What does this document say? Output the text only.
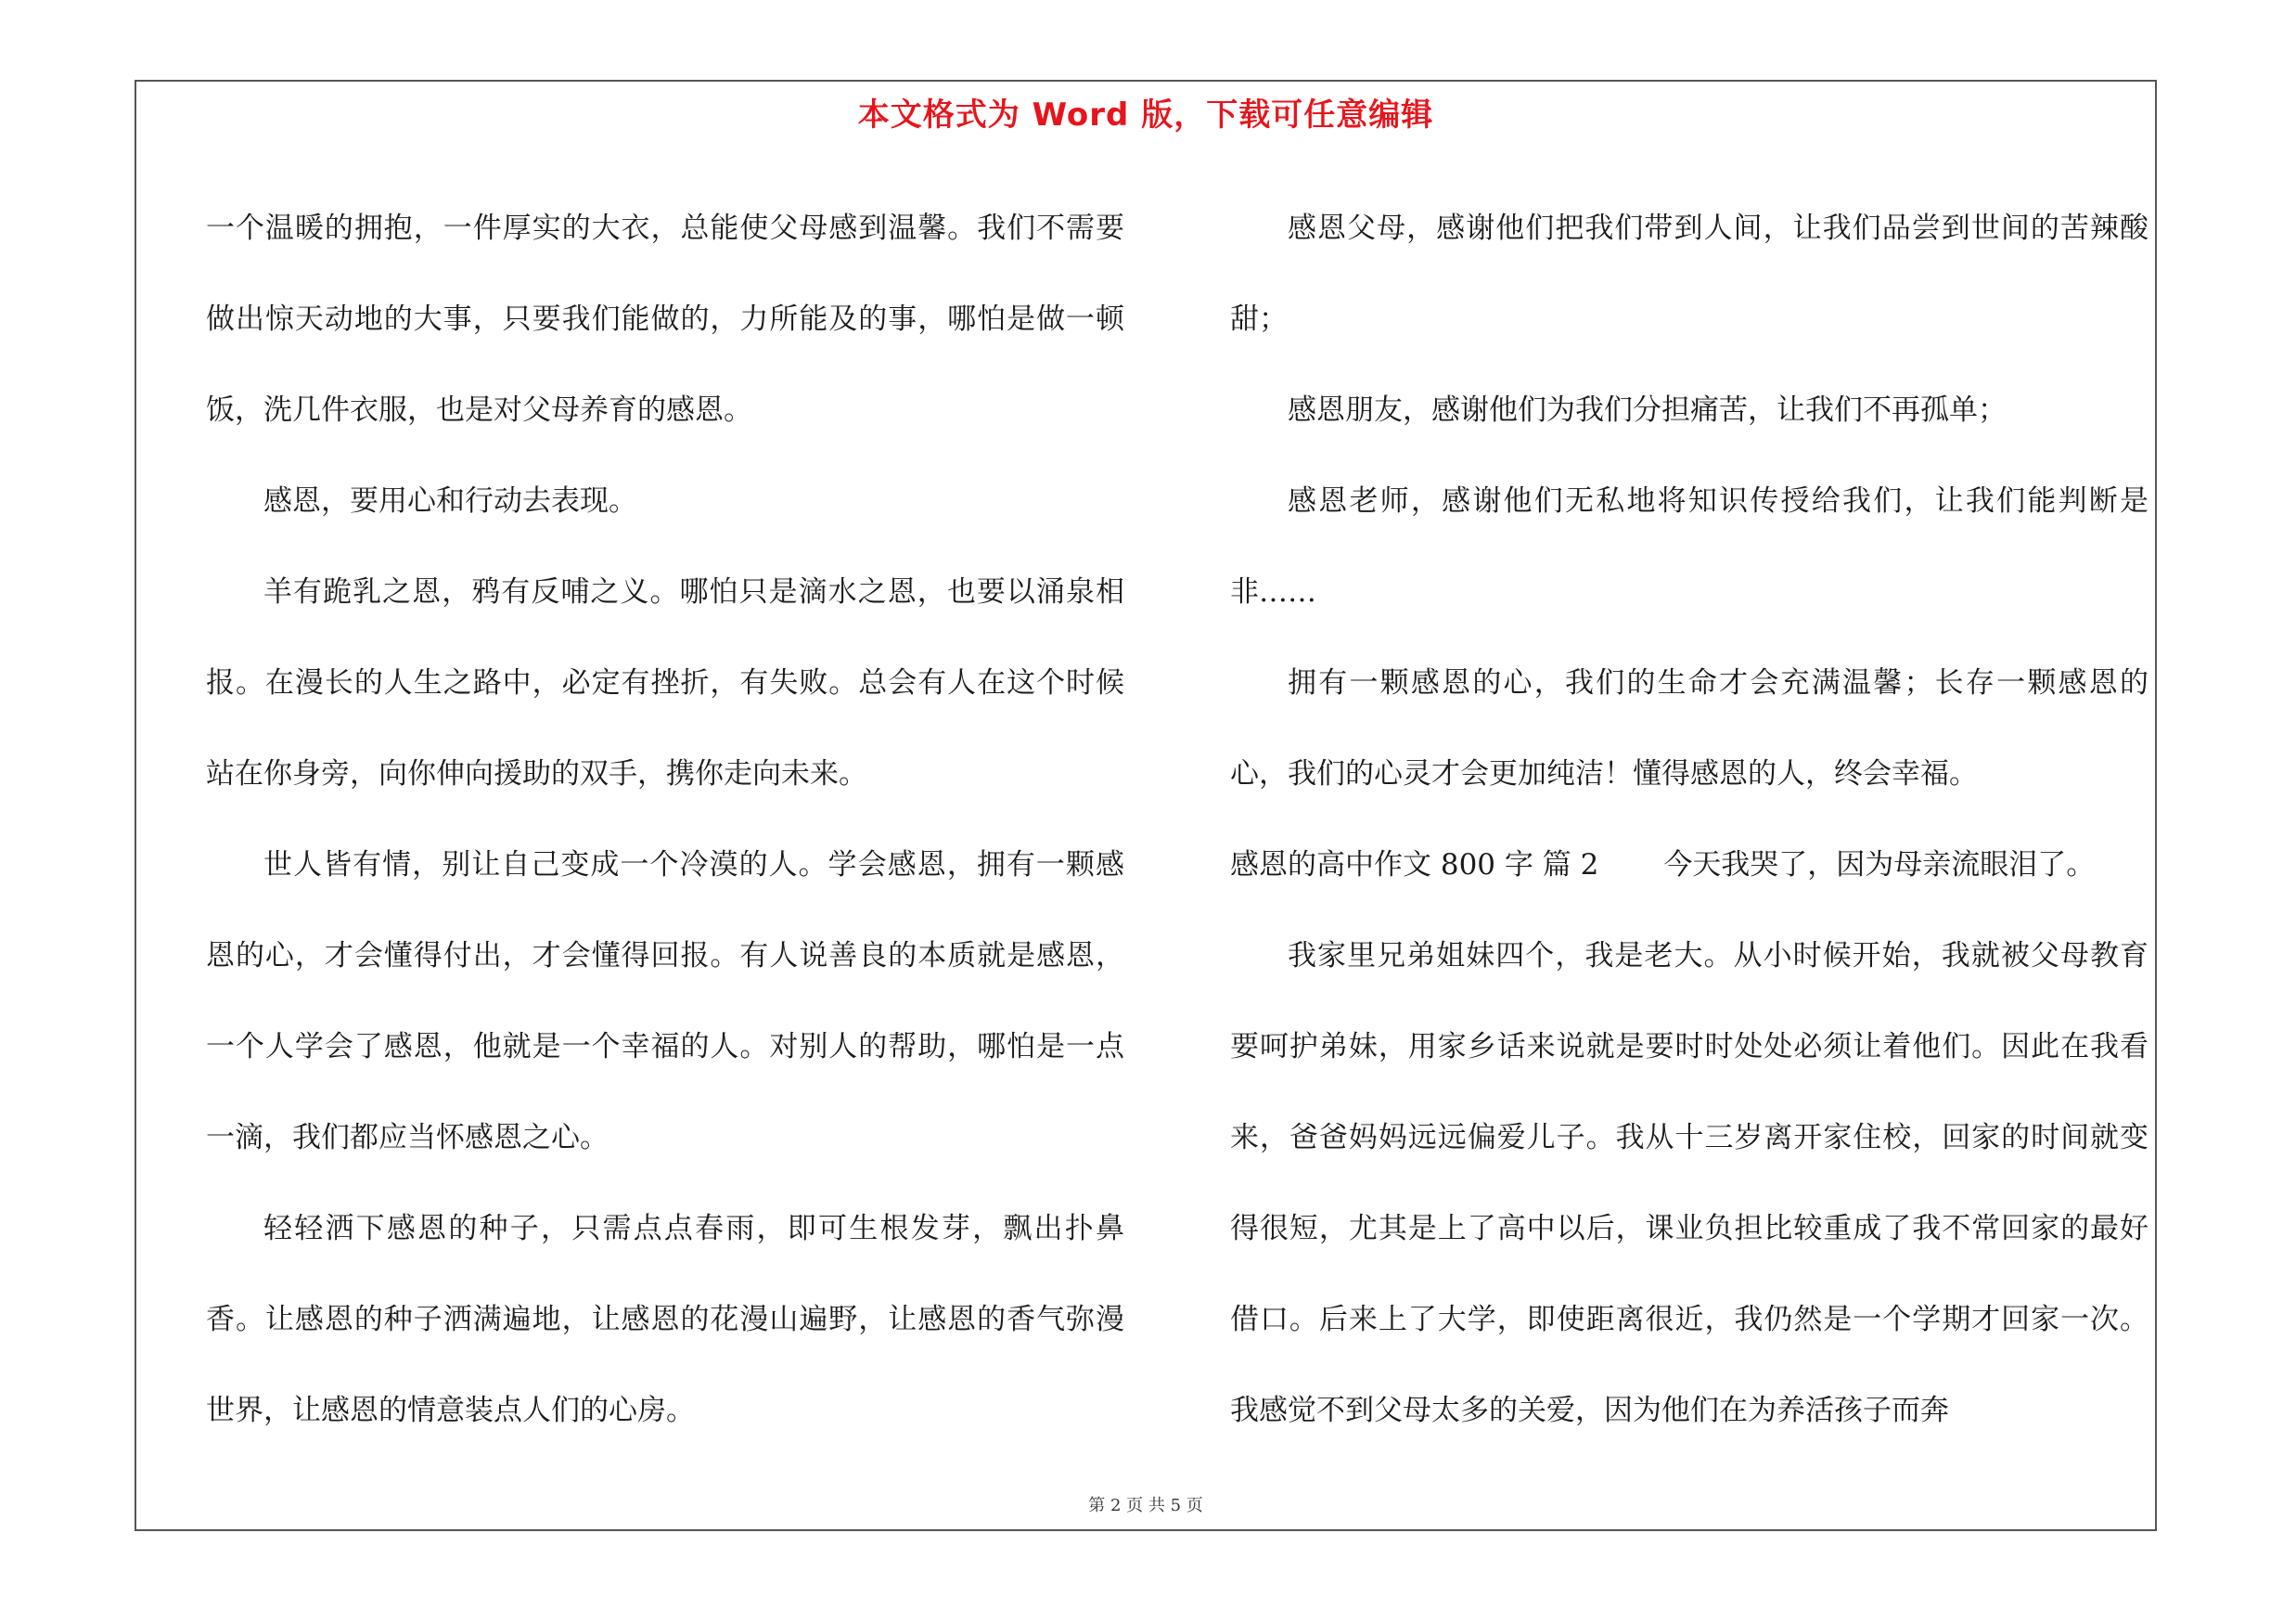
本文格式为 Word 版，下载可任意编辑

一个温暖的拥抱，一件厚实的大衣，总能使父母感到温馨。我们不需要做出惊天动地的大事，只要我们能做的，力所能及的事，哪怕是做一顿饭，洗几件衣服，也是对父母养育的感恩。

感恩，要用心和行动去表现。

羊有跪乳之恩，鸦有反哺之义。哪怕只是滴水之恩，也要以涌泉相报。在漫长的人生之路中，必定有挫折，有失败。总会有人在这个时候站在你身旁，向你伸向援助的双手，携你走向未来。

世人皆有情，别让自己变成一个冷漠的人。学会感恩，拥有一颗感恩的心，才会懂得付出，才会懂得回报。有人说善良的本质就是感恩，一个人学会了感恩，他就是一个幸福的人。对别人的帮助，哪怕是一点一滴，我们都应当怀感恩之心。

轻轻洒下感恩的种子，只需点点春雨，即可生根发芽，飘出扑鼻香。让感恩的种子洒满遍地，让感恩的花漫山遍野，让感恩的香气弥漫世界，让感恩的情意装点人们的心房。

感恩父母，感谢他们把我们带到人间，让我们品尝到世间的苦辣酸甜；

感恩朋友，感谢他们为我们分担痛苦，让我们不再孤单；

感恩老师，感谢他们无私地将知识传授给我们，让我们能判断是非……

拥有一颗感恩的心，我们的生命才会充满温馨；长存一颗感恩的心，我们的心灵才会更加纯洁！懂得感恩的人，终会幸福。

感恩的高中作文 800 字 篇 2 今天我哭了，因为母亲流眼泪了。

我家里兄弟姐妹四个，我是老大。从小时候开始，我就被父母教育要呵护弟妹，用家乡话来说就是要时时处处必须让着他们。因此在我看来，爸爸妈妈远远偏爱儿子。我从十三岁离开家住校，回家的时间就变得很短，尤其是上了高中以后，课业负担比较重成了我不常回家的最好借口。后来上了大学，即使距离很近，我仍然是一个学期才回家一次。我感觉不到父母太多的关爱，因为他们在为养活孩子而奔

第 2 页 共 5 页
